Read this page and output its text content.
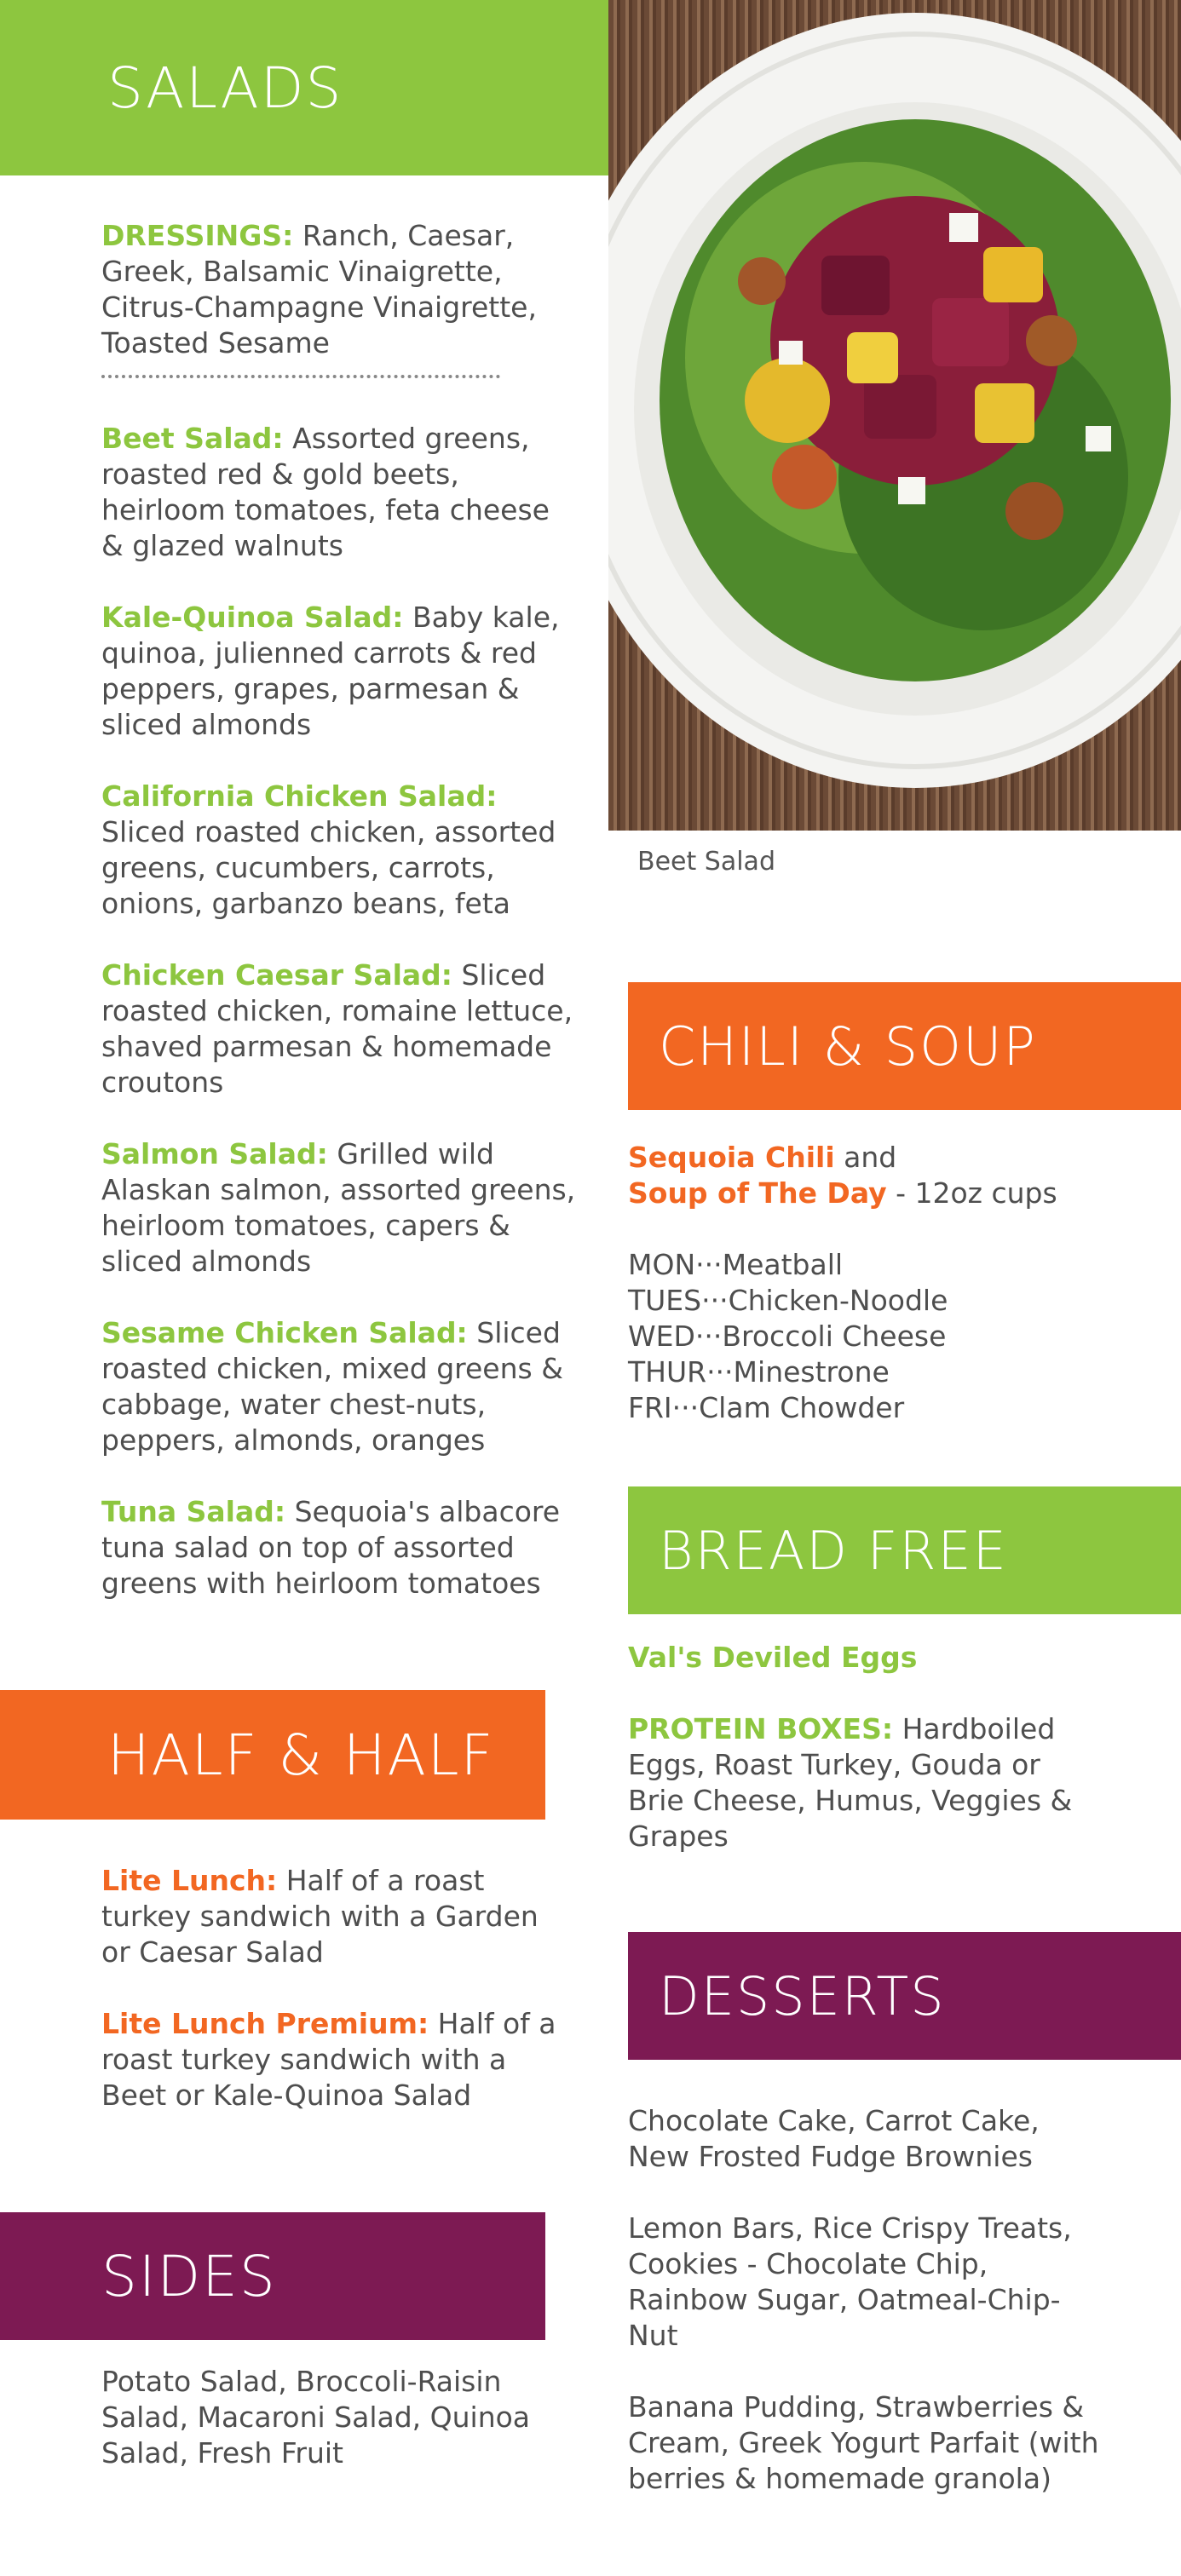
SALADS
DRESSINGS: Ranch, Caesar, Greek, Balsamic Vinaigrette, Citrus-Champagne Vinaigrette, Toasted Sesame
Beet Salad: Assorted greens, roasted red & gold beets, heirloom tomatoes, feta cheese & glazed walnuts
Kale-Quinoa Salad: Baby kale, quinoa, julienned carrots & red peppers, grapes, parmesan & sliced almonds
California Chicken Salad: Sliced roasted chicken, assorted greens, cucumbers, carrots, onions, garbanzo beans, feta
Chicken Caesar Salad: Sliced roasted chicken, romaine lettuce, shaved parmesan & homemade croutons
Salmon Salad: Grilled wild Alaskan salmon, assorted greens, heirloom tomatoes, capers & sliced almonds
Sesame Chicken Salad: Sliced roasted chicken, mixed greens & cabbage, water chest-nuts, peppers, almonds, oranges
Tuna Salad: Sequoia's albacore tuna salad on top of assorted greens with heirloom tomatoes
Beet Salad
CHILI & SOUP

Sequoia Chili and
Soup of The Day - 12oz cups

MON···Meatball
TUES···Chicken-Noodle
WED···Broccoli Cheese
THUR···Minestrone
FRI···Clam Chowder
BREAD FREE

Val's Deviled Eggs

PROTEIN BOXES: Hardboiled Eggs, Roast Turkey, Gouda or Brie Cheese, Humus, Veggies & Grapes

HALF & HALF
Lite Lunch: Half of a roast turkey sandwich with a Garden or Caesar Salad
Lite Lunch Premium: Half of a roast turkey sandwich with a Beet or Kale-Quinoa Salad
SIDES

Potato Salad, Broccoli-Raisin Salad, Macaroni Salad, Quinoa Salad, Fresh Fruit

DESSERTS

Chocolate Cake, Carrot Cake, New Frosted Fudge Brownies

Lemon Bars, Rice Crispy Treats, Cookies - Chocolate Chip, Rainbow Sugar, Oatmeal-Chip-Nut

Banana Pudding, Strawberries & Cream, Greek Yogurt Parfait (with berries & homemade granola)
